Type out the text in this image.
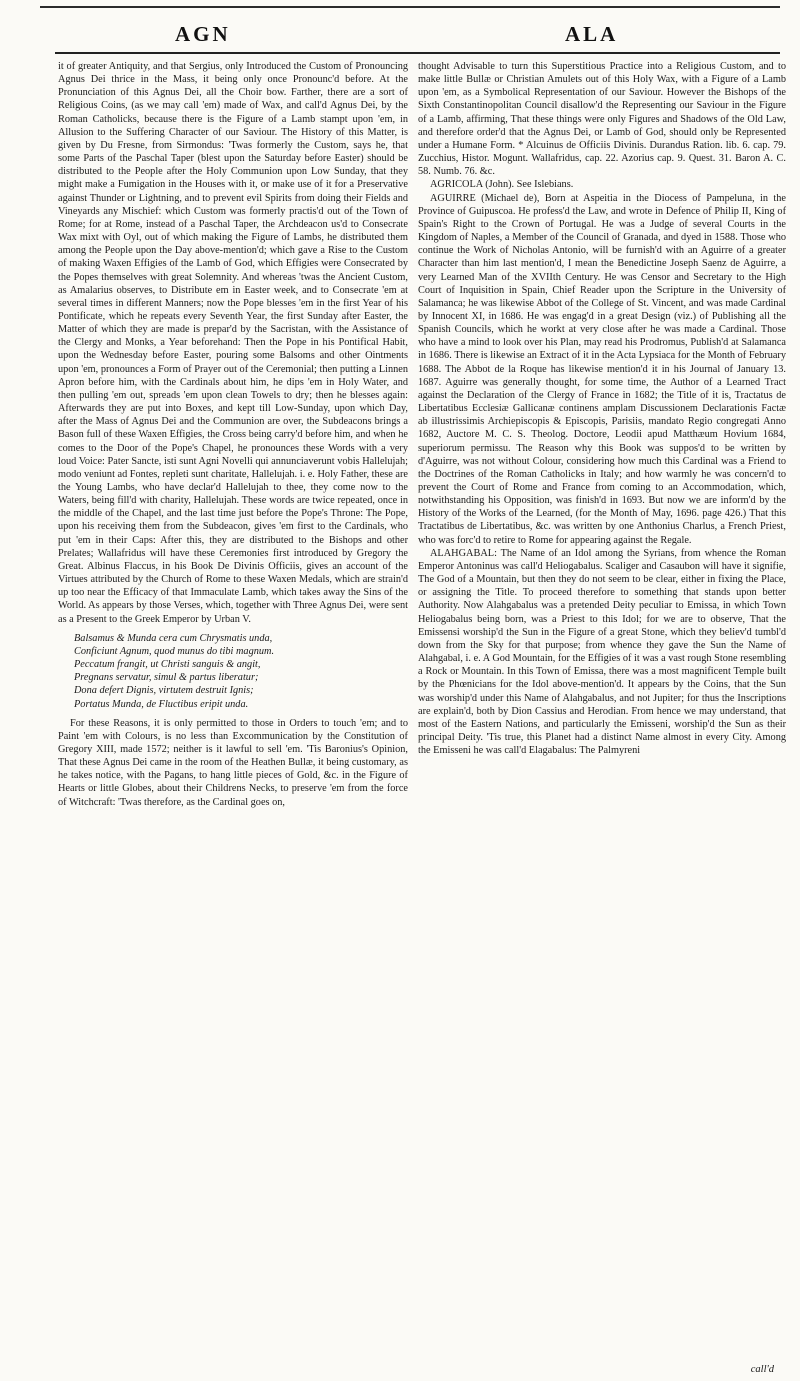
AGN	ALA

it of greater Antiquity, and that Sergius, only Introduced the Custom of Pronouncing Agnus Dei thrice in the Mass, it being only once Pronounc'd before. At the Pronunciation of this Agnus Dei, all the Choir bow. Farther, there are a sort of Religious Coins, (as we may call 'em) made of Wax, and call'd Agnus Dei, by the Roman Catholicks, because there is the Figure of a Lamb stampt upon 'em, in Allusion to the Suffering Character of our Saviour. The History of this Matter, is given by Du Fresne, from Sirmondus: 'Twas formerly the Custom, says he, that some Parts of the Paschal Taper (blest upon the Saturday before Easter) should be distributed to the People after the Holy Communion upon Low Sunday, that they might make a Fumigation in the Houses with it, or make use of it for a Preservative against Thunder or Lightning, and to prevent evil Spirits from doing their Fields and Vineyards any Mischief: which Custom was formerly practis'd out of the Town of Rome; for at Rome, instead of a Paschal Taper, the Archdeacon us'd to Consecrate Wax mixt with Oyl, out of which making the Figure of Lambs, he distributed them among the People upon the Day above-mention'd; which gave a Rise to the Custom of making Waxen Effigies of the Lamb of God, which Effigies were Consecrated by the Popes themselves with great Solemnity. And whereas 'twas the Ancient Custom, as Amalarius observes, to Distribute em in Easter week, and to Consecrate 'em at several times in different Manners; now the Pope blesses 'em in the first Year of his Pontificate, which he repeats every Seventh Year, the first Sunday after Easter, the Matter of which they are made is prepar'd by the Sacristan, with the Assistance of the Clergy and Monks, a Year beforehand: Then the Pope in his Pontifical Habit, upon the Wednesday before Easter, pouring some Balsoms and other Ointments upon 'em, pronounces a Form of Prayer out of the Ceremonial; then putting a Linnen Apron before him, with the Cardinals about him, he dips 'em in Holy Water, and then pulling 'em out, spreads 'em upon clean Towels to dry; then he blesses again: Afterwards they are put into Boxes, and kept till Low-Sunday, upon which Day, after the Mass of Agnus Dei and the Communion are over, the Subdeacons brings a Bason full of these Waxen Effigies, the Cross being carry'd before him, and when he comes to the Door of the Pope's Chapel, he pronounces these Words with a very loud Voice: Pater Sancte, isti sunt Agni Novelli qui annunciaverunt vobis Hallelujah; modo veniunt ad Fontes, repleti sunt charitate, Hallelujah. i. e. Holy Father, these are the Young Lambs, who have declar'd Hallelujah to thee, they come now to the Waters, being fill'd with charity, Hallelujah. These words are twice repeated, once in the middle of the Chapel, and the last time just before the Pope's Throne: The Pope, upon his receiving them from the Subdeacon, gives 'em first to the Cardinals, who put 'em in their Caps: After this, they are distributed to the Bishops and other Prelates; Wallafridus will have these Ceremonies first introduced by Gregory the Great. Albinus Flaccus, in his Book De Divinis Officiis, gives an account of the Virtues attributed by the Church of Rome to these Waxen Medals, which are strain'd up too near the Efficacy of that Immaculate Lamb, which takes away the Sins of the World. As appears by those Verses, which, together with Three Agnus Dei, were sent as a Present to the Greek Emperor by Urban V.

Balsamus & Munda cera cum Chrysmatis unda,
Conficiunt Agnum, quod munus do tibi magnum.
Peccatum frangit, ut Christi sanguis & angit,
Pregnans servatur, simul & partus liberatur;
Dona defert Dignis, virtutem destruit Ignis;
Portatus Munda, de Fluctibus eripit unda.

For these Reasons, it is only permitted to those in Orders to touch 'em; and to Paint 'em with Colours, is no less than Excommunication by the Constitution of Gregory XIII, made 1572; neither is it lawful to sell 'em. 'Tis Baronius's Opinion, That these Agnus Dei came in the room of the Heathen Bullæ, it being customary, as he takes notice, with the Pagans, to hang little pieces of Gold, &c. in the Figure of Hearts or little Globes, about their Childrens Necks, to preserve 'em from the force of Witchcraft: 'Twas therefore, as the Cardinal goes on,

thought Advisable to turn this Superstitious Practice into a Religious Custom, and to make little Bullæ or Christian Amulets out of this Holy Wax, with a Figure of a Lamb upon 'em, as a Symbolical Representation of our Saviour. However the Bishops of the Sixth Constantinopolitan Council disallow'd the Representing our Saviour in the Figure of a Lamb, affirming, That these things were only Figures and Shadows of the Old Law, and therefore order'd that the Agnus Dei, or Lamb of God, should only be Represented under a Humane Form. * Alcuinus de Officiis Divinis. Durandus Ration. lib. 6. cap. 79. Zucchius, Histor. Mogunt. Wallafridus, cap. 22. Azorius cap. 9. Quest. 31. Baron A. C. 58. Numb. 76. &c.

AGRICOLA (John). See Islebians.

AGUIRRE (Michael de), Born at Aspeitia in the Diocess of Pampeluna, in the Province of Guipuscoa. He profess'd the Law, and wrote in Defence of Philip II, King of Spain's Right to the Crown of Portugal. He was a Judge of several Courts in the Kingdom of Naples, a Member of the Council of Granada, and dyed in 1588. Those who continue the Work of Nicholas Antonio, will be furnish'd with an Aguirre of a greater Character than him last mention'd, I mean the Benedictine Joseph Saenz de Aguirre, a very Learned Man of the XVIIth Century. He was Censor and Secretary to the High Court of Inquisition in Spain, Chief Reader upon the Scripture in the University of Salamanca; he was likewise Abbot of the College of St. Vincent, and was made Cardinal by Innocent XI, in 1686. He was engag'd in a great Design (viz.) of Publishing all the Spanish Councils, which he workt at very close after he was made a Cardinal. Those who have a mind to look over his Plan, may read his Prodromus, Publish'd at Salamanca in 1686. There is likewise an Extract of it in the Acta Lypsiaca for the Month of February 1688. The Abbot de la Roque has likewise mention'd it in his Journal of January 13. 1687. Aguirre was generally thought, for some time, the Author of a Learned Tract against the Declaration of the Clergy of France in 1682; the Title of it is, Tractatus de Libertatibus Ecclesiæ Gallicanæ continens amplam Discussionem Declarationis Factæ ab illustrissimis Archiepiscopis & Episcopis, Parisiis, mandato Regio congregati Anno 1682, Auctore M. C. S. Theolog. Doctore, Leodii apud Matthæum Hovium 1684, superiorum permissu. The Reason why this Book was suppos'd to be written by d'Aguirre, was not without Colour, considering how much this Cardinal was a Friend to the Doctrines of the Roman Catholicks in Italy; and how warmly he was concern'd to prevent the Court of Rome and France from coming to an Accommodation, which, notwithstanding his Opposition, was finish'd in 1693. But now we are inform'd by the History of the Works of the Learned, (for the Month of May, 1696. page 426.) That this Tractatibus de Libertatibus, &c. was written by one Anthonius Charlus, a French Priest, who was forc'd to retire to Rome for appearing against the Regale.

ALAHGABAL: The Name of an Idol among the Syrians, from whence the Roman Emperor Antoninus was call'd Heliogabalus. Scaliger and Casaubon will have it signifie, The God of a Mountain, but then they do not seem to be clear, either in fixing the Place, or assigning the Title. To proceed therefore to something that stands upon better Authority. Now Alahgabalus was a pretended Deity peculiar to Emissa, in which Town Heliogabalus being born, was a Priest to this Idol; for we are to observe, That the Emissensi worship'd the Sun in the Figure of a great Stone, which they believ'd tumbl'd down from the Sky for that purpose; from whence they gave the Sun the Name of Alahgabal, i. e. A God Mountain, for the Effigies of it was a vast rough Stone resembling a Rock or Mountain. In this Town of Emissa, there was a most magnificent Temple built by the Phœnicians for the Idol above-mention'd. It appears by the Coins, that the Sun was worship'd under this Name of Alahgabalus, and not Jupiter; for thus the Inscriptions are explain'd, both by Dion Cassius and Herodian. From hence we may understand, that most of the Eastern Nations, and particularly the Emisseni, worship'd the Sun as their principal Deity. 'Tis true, this Planet had a distinct Name almost in every City. Among the Emisseni he was call'd Elagabalus: The Palmyreni

call'd
